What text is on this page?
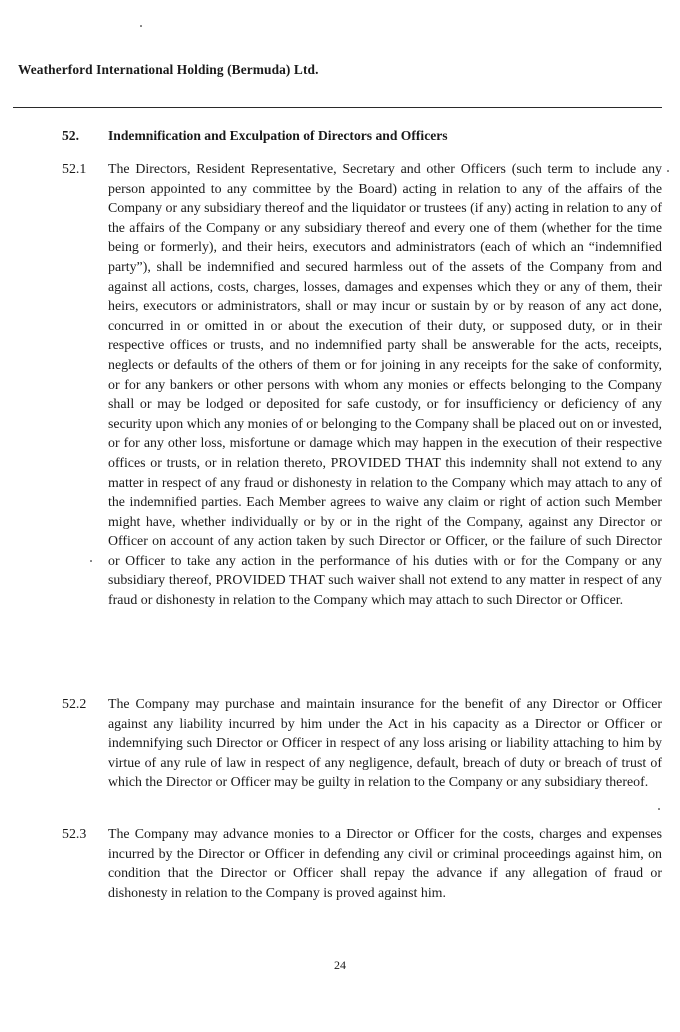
Weatherford International Holding (Bermuda) Ltd.
52. Indemnification and Exculpation of Directors and Officers
52.1 The Directors, Resident Representative, Secretary and other Officers (such term to include any person appointed to any committee by the Board) acting in relation to any of the affairs of the Company or any subsidiary thereof and the liquidator or trustees (if any) acting in relation to any of the affairs of the Company or any subsidiary thereof and every one of them (whether for the time being or formerly), and their heirs, executors and administrators (each of which an “indemnified party”), shall be indemnified and secured harmless out of the assets of the Company from and against all actions, costs, charges, losses, damages and expenses which they or any of them, their heirs, executors or administrators, shall or may incur or sustain by or by reason of any act done, concurred in or omitted in or about the execution of their duty, or supposed duty, or in their respective offices or trusts, and no indemnified party shall be answerable for the acts, receipts, neglects or defaults of the others of them or for joining in any receipts for the sake of conformity, or for any bankers or other persons with whom any monies or effects belonging to the Company shall or may be lodged or deposited for safe custody, or for insufficiency or deficiency of any security upon which any monies of or belonging to the Company shall be placed out on or invested, or for any other loss, misfortune or damage which may happen in the execution of their respective offices or trusts, or in relation thereto, PROVIDED THAT this indemnity shall not extend to any matter in respect of any fraud or dishonesty in relation to the Company which may attach to any of the indemnified parties. Each Member agrees to waive any claim or right of action such Member might have, whether individually or by or in the right of the Company, against any Director or Officer on account of any action taken by such Director or Officer, or the failure of such Director or Officer to take any action in the performance of his duties with or for the Company or any subsidiary thereof, PROVIDED THAT such waiver shall not extend to any matter in respect of any fraud or dishonesty in relation to the Company which may attach to such Director or Officer.
52.2 The Company may purchase and maintain insurance for the benefit of any Director or Officer against any liability incurred by him under the Act in his capacity as a Director or Officer or indemnifying such Director or Officer in respect of any loss arising or liability attaching to him by virtue of any rule of law in respect of any negligence, default, breach of duty or breach of trust of which the Director or Officer may be guilty in relation to the Company or any subsidiary thereof.
52.3 The Company may advance monies to a Director or Officer for the costs, charges and expenses incurred by the Director or Officer in defending any civil or criminal proceedings against him, on condition that the Director or Officer shall repay the advance if any allegation of fraud or dishonesty in relation to the Company is proved against him.
24
